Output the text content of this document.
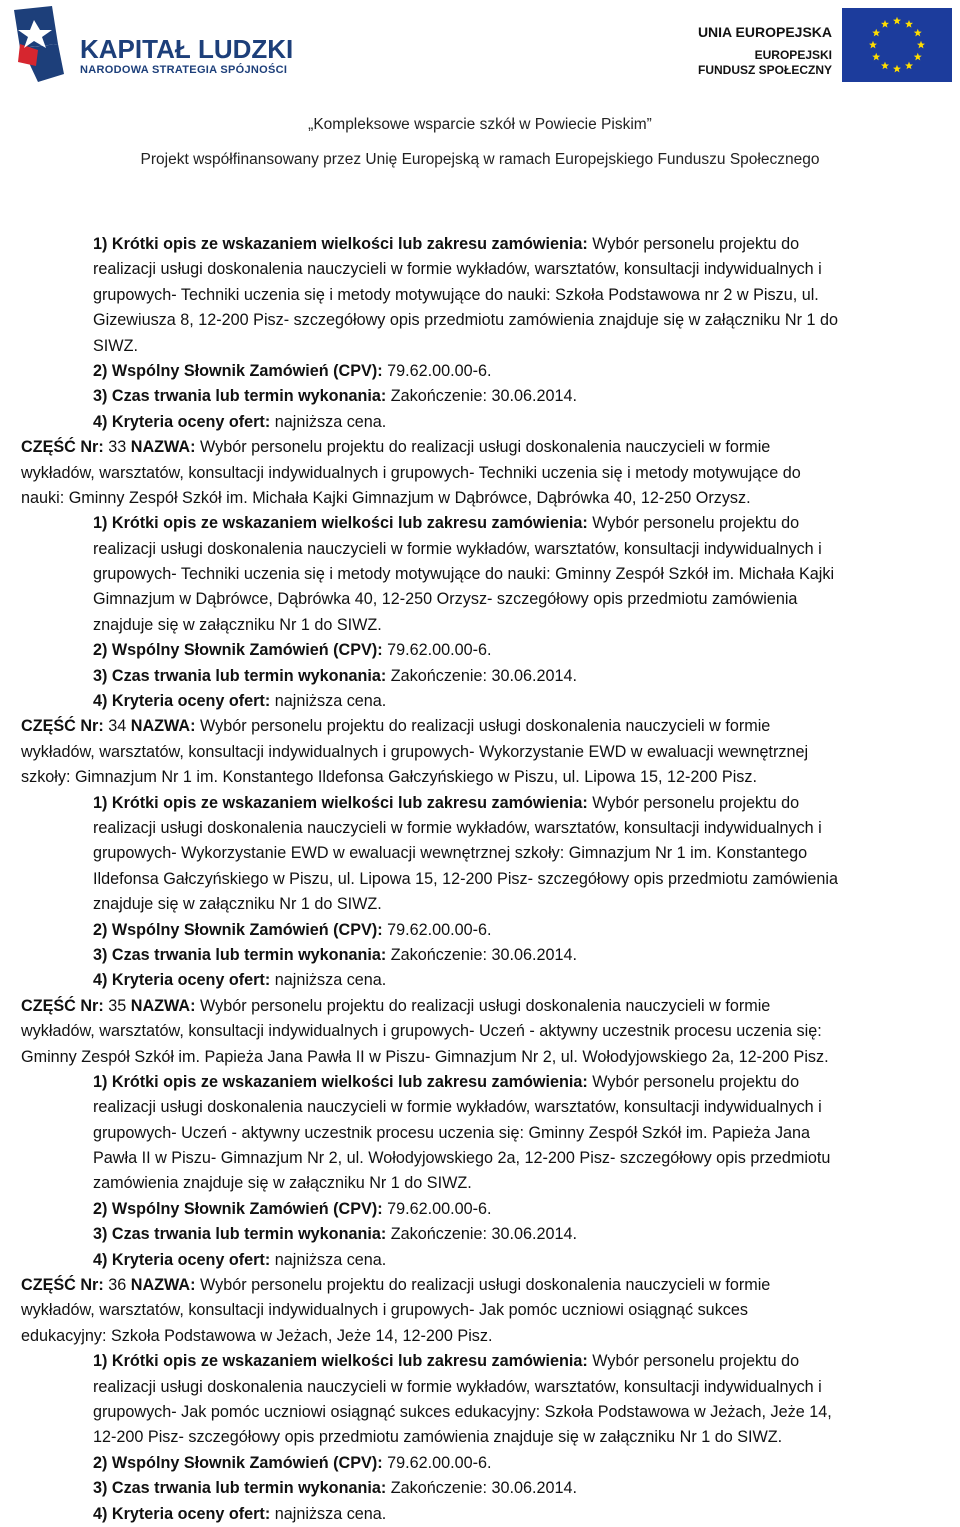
KAPITAŁ LUDZKI
NARODOWA STRATEGIA SPÓJNOŚCI
UNIA EUROPEJSKA
EUROPEJSKI
FUNDUSZ SPOŁECZNY
„Kompleksowe wsparcie szkół w Powiecie Piskim”
Projekt współfinansowany przez Unię Europejską w ramach Europejskiego Funduszu Społecznego
1) Krótki opis ze wskazaniem wielkości lub zakresu zamówienia: Wybór personelu projektu do
realizacji usługi doskonalenia nauczycieli w formie wykładów, warsztatów, konsultacji indywidualnych i
grupowych- Techniki uczenia się i metody motywujące do nauki: Szkoła Podstawowa nr 2 w Piszu, ul.
Gizewiusza 8, 12-200 Pisz- szczegółowy opis przedmiotu zamówienia znajduje się w załączniku Nr 1 do
SIWZ.
2) Wspólny Słownik Zamówień (CPV): 79.62.00.00-6.
3) Czas trwania lub termin wykonania: Zakończenie: 30.06.2014.
4) Kryteria oceny ofert: najniższa cena.
CZĘŚĆ Nr: 33 NAZWA: Wybór personelu projektu do realizacji usługi doskonalenia nauczycieli w formie
wykładów, warsztatów, konsultacji indywidualnych i grupowych- Techniki uczenia się i metody motywujące do
nauki: Gminny Zespół Szkół im. Michała Kajki Gimnazjum w Dąbrówce, Dąbrówka 40, 12-250 Orzysz.
1) Krótki opis ze wskazaniem wielkości lub zakresu zamówienia: Wybór personelu projektu do
realizacji usługi doskonalenia nauczycieli w formie wykładów, warsztatów, konsultacji indywidualnych i
grupowych- Techniki uczenia się i metody motywujące do nauki: Gminny Zespół Szkół im. Michała Kajki
Gimnazjum w Dąbrówce, Dąbrówka 40, 12-250 Orzysz- szczegółowy opis przedmiotu zamówienia
znajduje się w załączniku Nr 1 do SIWZ.
2) Wspólny Słownik Zamówień (CPV): 79.62.00.00-6.
3) Czas trwania lub termin wykonania: Zakończenie: 30.06.2014.
4) Kryteria oceny ofert: najniższa cena.
CZĘŚĆ Nr: 34 NAZWA: Wybór personelu projektu do realizacji usługi doskonalenia nauczycieli w formie
wykładów, warsztatów, konsultacji indywidualnych i grupowych- Wykorzystanie EWD w ewaluacji wewnętrznej
szkoły: Gimnazjum Nr 1 im. Konstantego Ildefonsa Gałczyńskiego w Piszu, ul. Lipowa 15, 12-200 Pisz.
1) Krótki opis ze wskazaniem wielkości lub zakresu zamówienia: Wybór personelu projektu do
realizacji usługi doskonalenia nauczycieli w formie wykładów, warsztatów, konsultacji indywidualnych i
grupowych- Wykorzystanie EWD w ewaluacji wewnętrznej szkoły: Gimnazjum Nr 1 im. Konstantego
Ildefonsa Gałczyńskiego w Piszu, ul. Lipowa 15, 12-200 Pisz- szczegółowy opis przedmiotu zamówienia
znajduje się w załączniku Nr 1 do SIWZ.
2) Wspólny Słownik Zamówień (CPV): 79.62.00.00-6.
3) Czas trwania lub termin wykonania: Zakończenie: 30.06.2014.
4) Kryteria oceny ofert: najniższa cena.
CZĘŚĆ Nr: 35 NAZWA: Wybór personelu projektu do realizacji usługi doskonalenia nauczycieli w formie
wykładów, warsztatów, konsultacji indywidualnych i grupowych- Uczeń - aktywny uczestnik procesu uczenia się:
Gminny Zespół Szkół im. Papieża Jana Pawła II w Piszu- Gimnazjum Nr 2, ul. Wołodyjowskiego 2a, 12-200 Pisz.
1) Krótki opis ze wskazaniem wielkości lub zakresu zamówienia: Wybór personelu projektu do
realizacji usługi doskonalenia nauczycieli w formie wykładów, warsztatów, konsultacji indywidualnych i
grupowych- Uczeń - aktywny uczestnik procesu uczenia się: Gminny Zespół Szkół im. Papieża Jana
Pawła II w Piszu- Gimnazjum Nr 2, ul. Wołodyjowskiego 2a, 12-200 Pisz- szczegółowy opis przedmiotu
zamówienia znajduje się w załączniku Nr 1 do SIWZ.
2) Wspólny Słownik Zamówień (CPV): 79.62.00.00-6.
3) Czas trwania lub termin wykonania: Zakończenie: 30.06.2014.
4) Kryteria oceny ofert: najniższa cena.
CZĘŚĆ Nr: 36 NAZWA: Wybór personelu projektu do realizacji usługi doskonalenia nauczycieli w formie
wykładów, warsztatów, konsultacji indywidualnych i grupowych- Jak pomóc uczniowi osiągnąć sukces
edukacyjny: Szkoła Podstawowa w Jeżach, Jeże 14, 12-200 Pisz.
1) Krótki opis ze wskazaniem wielkości lub zakresu zamówienia: Wybór personelu projektu do
realizacji usługi doskonalenia nauczycieli w formie wykładów, warsztatów, konsultacji indywidualnych i
grupowych- Jak pomóc uczniowi osiągnąć sukces edukacyjny: Szkoła Podstawowa w Jeżach, Jeże 14,
12-200 Pisz- szczegółowy opis przedmiotu zamówienia znajduje się w załączniku Nr 1 do SIWZ.
2) Wspólny Słownik Zamówień (CPV): 79.62.00.00-6.
3) Czas trwania lub termin wykonania: Zakończenie: 30.06.2014.
4) Kryteria oceny ofert: najniższa cena.
